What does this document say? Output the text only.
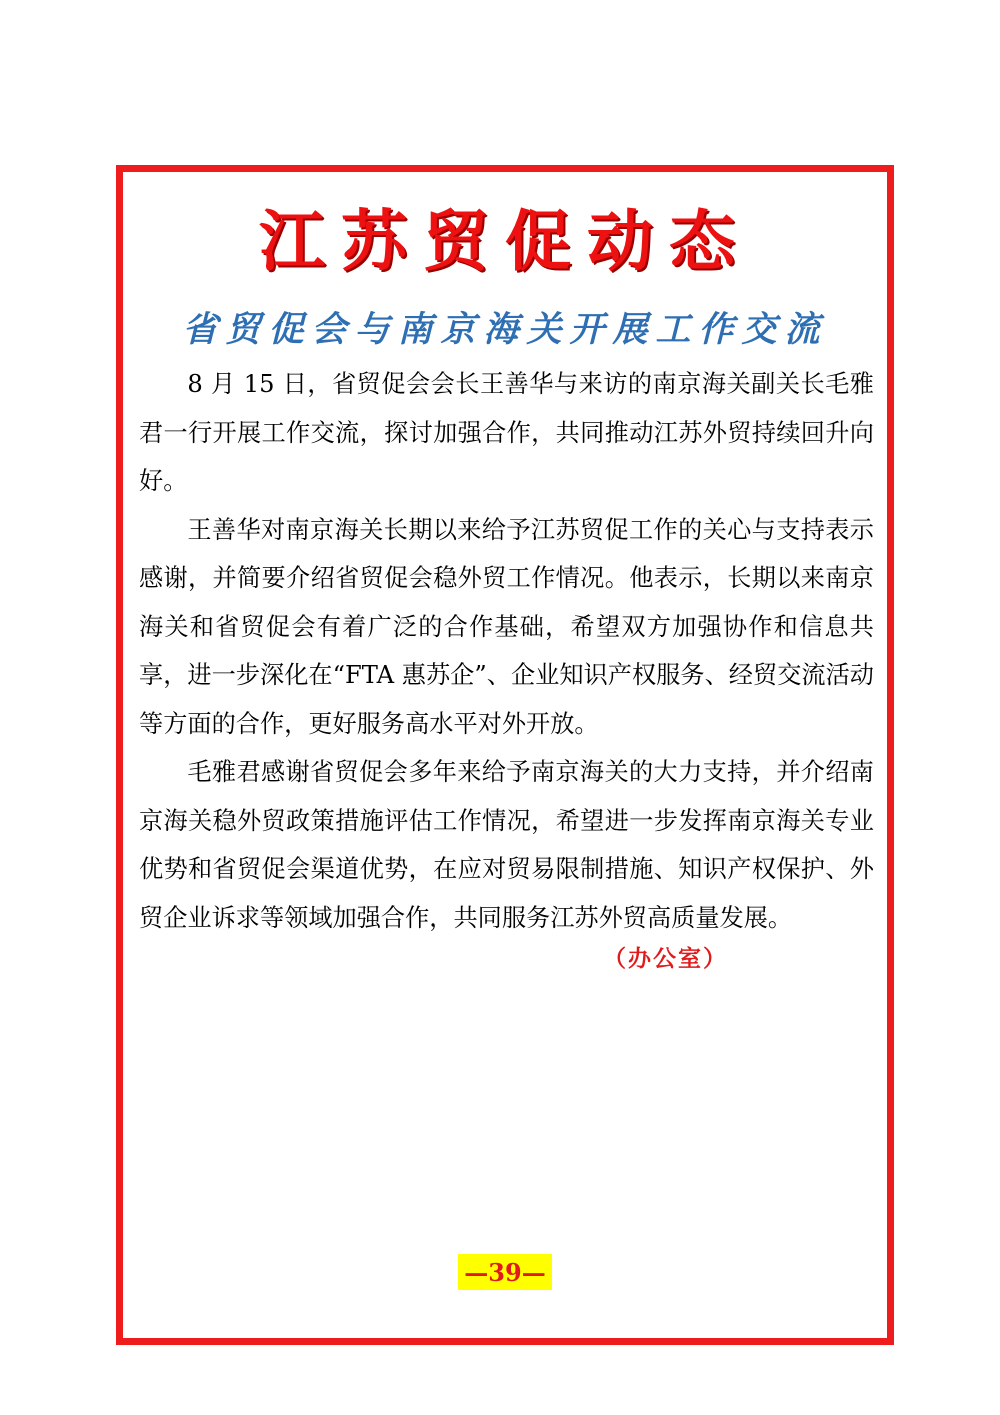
江苏贸促动态
省贸促会与南京海关开展工作交流

8 月 15 日，省贸促会会长王善华与来访的南京海关副关长毛雅君一行开展工作交流，探讨加强合作，共同推动江苏外贸持续回升向好。

王善华对南京海关长期以来给予江苏贸促工作的关心与支持表示感谢，并简要介绍省贸促会稳外贸工作情况。他表示，长期以来南京海关和省贸促会有着广泛的合作基础，希望双方加强协作和信息共享，进一步深化在“FTA 惠苏企”、企业知识产权服务、经贸交流活动等方面的合作，更好服务高水平对外开放。

毛雅君感谢省贸促会多年来给予南京海关的大力支持，并介绍南京海关稳外贸政策措施评估工作情况，希望进一步发挥南京海关专业优势和省贸促会渠道优势，在应对贸易限制措施、知识产权保护、外贸企业诉求等领域加强合作，共同服务江苏外贸高质量发展。

（办公室）
—39—
